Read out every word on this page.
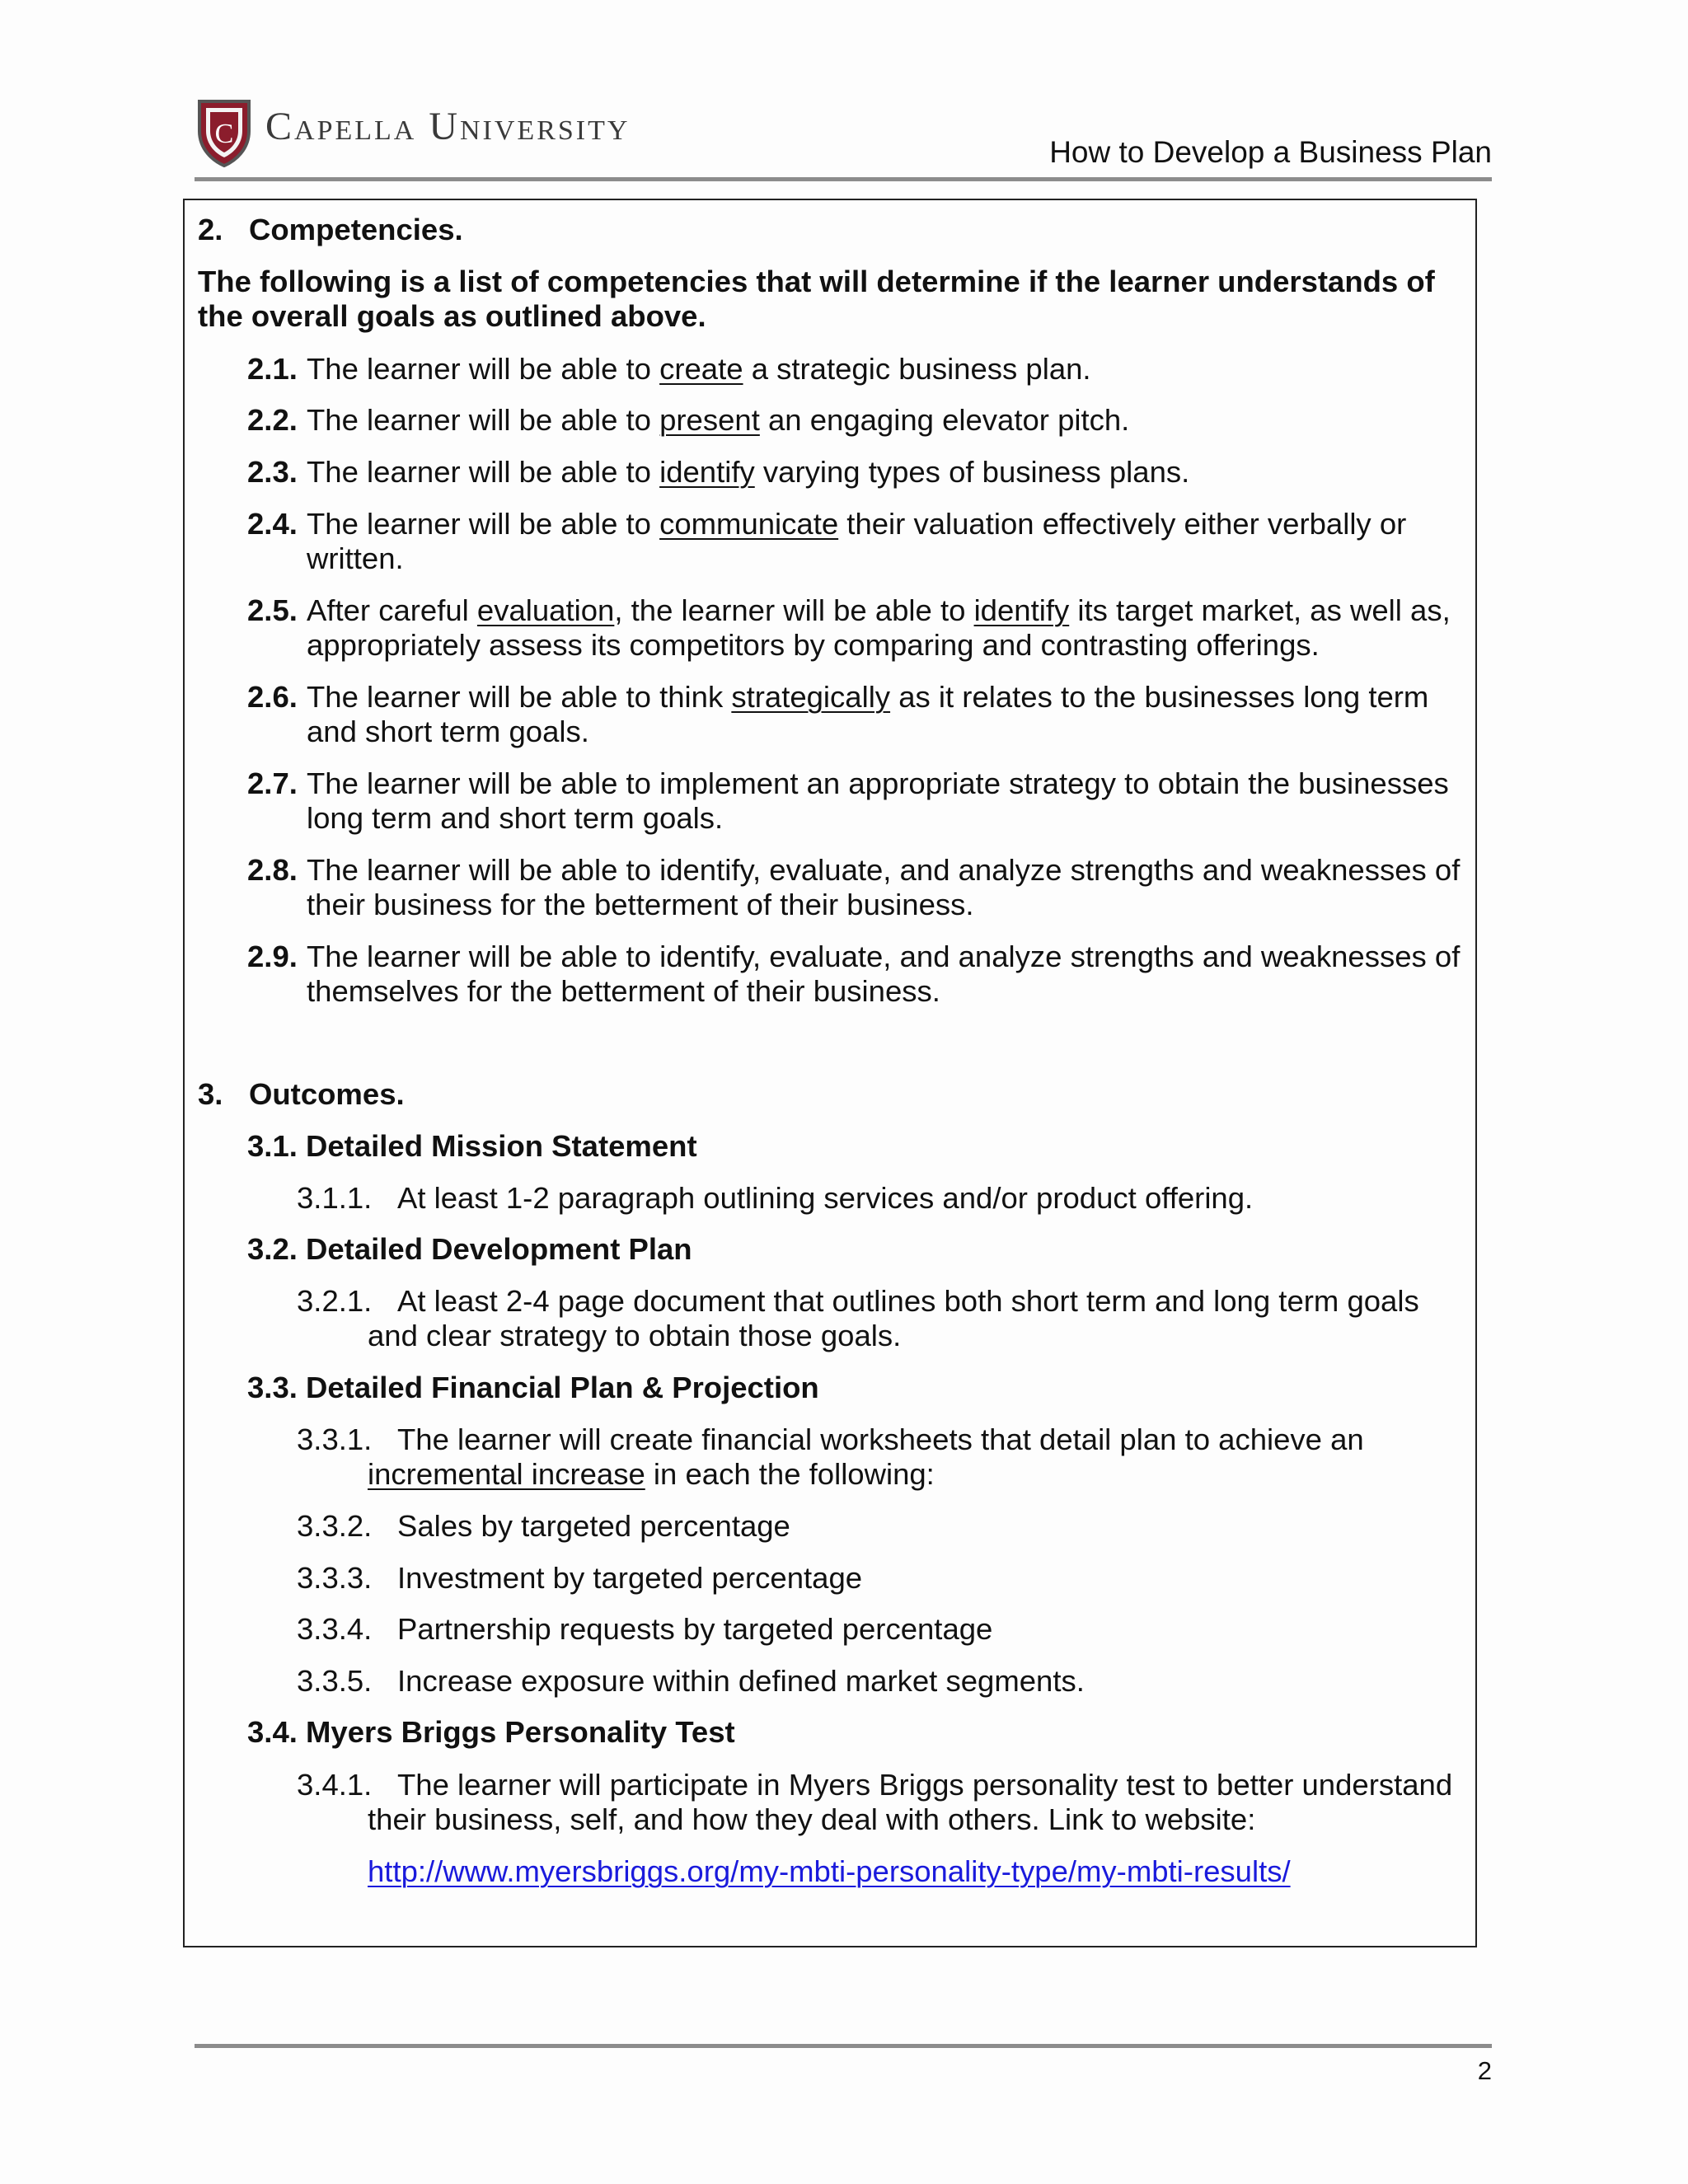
C Capella University
How to Develop a Business Plan
2. Competencies.
The following is a list of competencies that will determine if the learner understands of the overall goals as outlined above.
2.1. The learner will be able to create a strategic business plan.
2.2. The learner will be able to present an engaging elevator pitch.
2.3. The learner will be able to identify varying types of business plans.
2.4. The learner will be able to communicate their valuation effectively either verbally or written.
2.5. After careful evaluation, the learner will be able to identify its target market, as well as, appropriately assess its competitors by comparing and contrasting offerings.
2.6. The learner will be able to think strategically as it relates to the businesses long term and short term goals.
2.7. The learner will be able to implement an appropriate strategy to obtain the businesses long term and short term goals.
2.8. The learner will be able to identify, evaluate, and analyze strengths and weaknesses of their business for the betterment of their business.
2.9. The learner will be able to identify, evaluate, and analyze strengths and weaknesses of themselves for the betterment of their business.
3. Outcomes.
3.1. Detailed Mission Statement
3.1.1. At least 1-2 paragraph outlining services and/or product offering.
3.2. Detailed Development Plan
3.2.1. At least 2-4 page document that outlines both short term and long term goals
and clear strategy to obtain those goals.
3.3. Detailed Financial Plan & Projection
3.3.1. The learner will create financial worksheets that detail plan to achieve an
incremental increase in each the following:
3.3.2. Sales by targeted percentage
3.3.3. Investment by targeted percentage
3.3.4. Partnership requests by targeted percentage
3.3.5. Increase exposure within defined market segments.
3.4. Myers Briggs Personality Test
3.4.1. The learner will participate in Myers Briggs personality test to better understand
their business, self, and how they deal with others. Link to website:
http://www.myersbriggs.org/my-mbti-personality-type/my-mbti-results/
2
